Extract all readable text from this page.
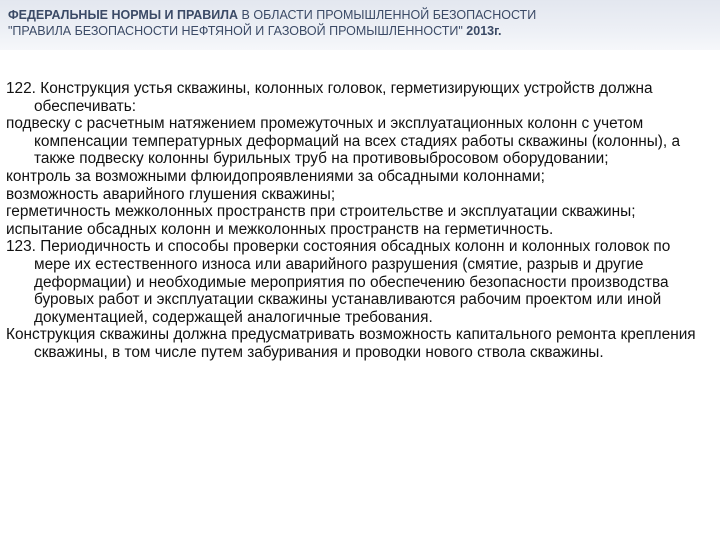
ФЕДЕРАЛЬНЫЕ НОРМЫ И ПРАВИЛА В ОБЛАСТИ ПРОМЫШЛЕННОЙ БЕЗОПАСНОСТИ
"ПРАВИЛА БЕЗОПАСНОСТИ НЕФТЯНОЙ И ГАЗОВОЙ ПРОМЫШЛЕННОСТИ" 2013г.

122. Конструкция устья скважины, колонных головок, герметизирующих устройств должна обеспечивать:

подвеску с расчетным натяжением промежуточных и эксплуатационных колонн с учетом компенсации температурных деформаций на всех стадиях работы скважины (колонны), а также подвеску колонны бурильных труб на противовыбросовом оборудовании;

контроль за возможными флюидопроявлениями за обсадными колоннами;

возможность аварийного глушения скважины;

герметичность межколонных пространств при строительстве и эксплуатации скважины;

испытание обсадных колонн и межколонных пространств на герметичность.

123. Периодичность и способы проверки состояния обсадных колонн и колонных головок по мере их естественного износа или аварийного разрушения (смятие, разрыв и другие деформации) и необходимые мероприятия по обеспечению безопасности производства буровых работ и эксплуатации скважины устанавливаются рабочим проектом или иной документацией, содержащей аналогичные требования.

Конструкция скважины должна предусматривать возможность капитального ремонта крепления скважины, в том числе путем забуривания и проводки нового ствола скважины.
